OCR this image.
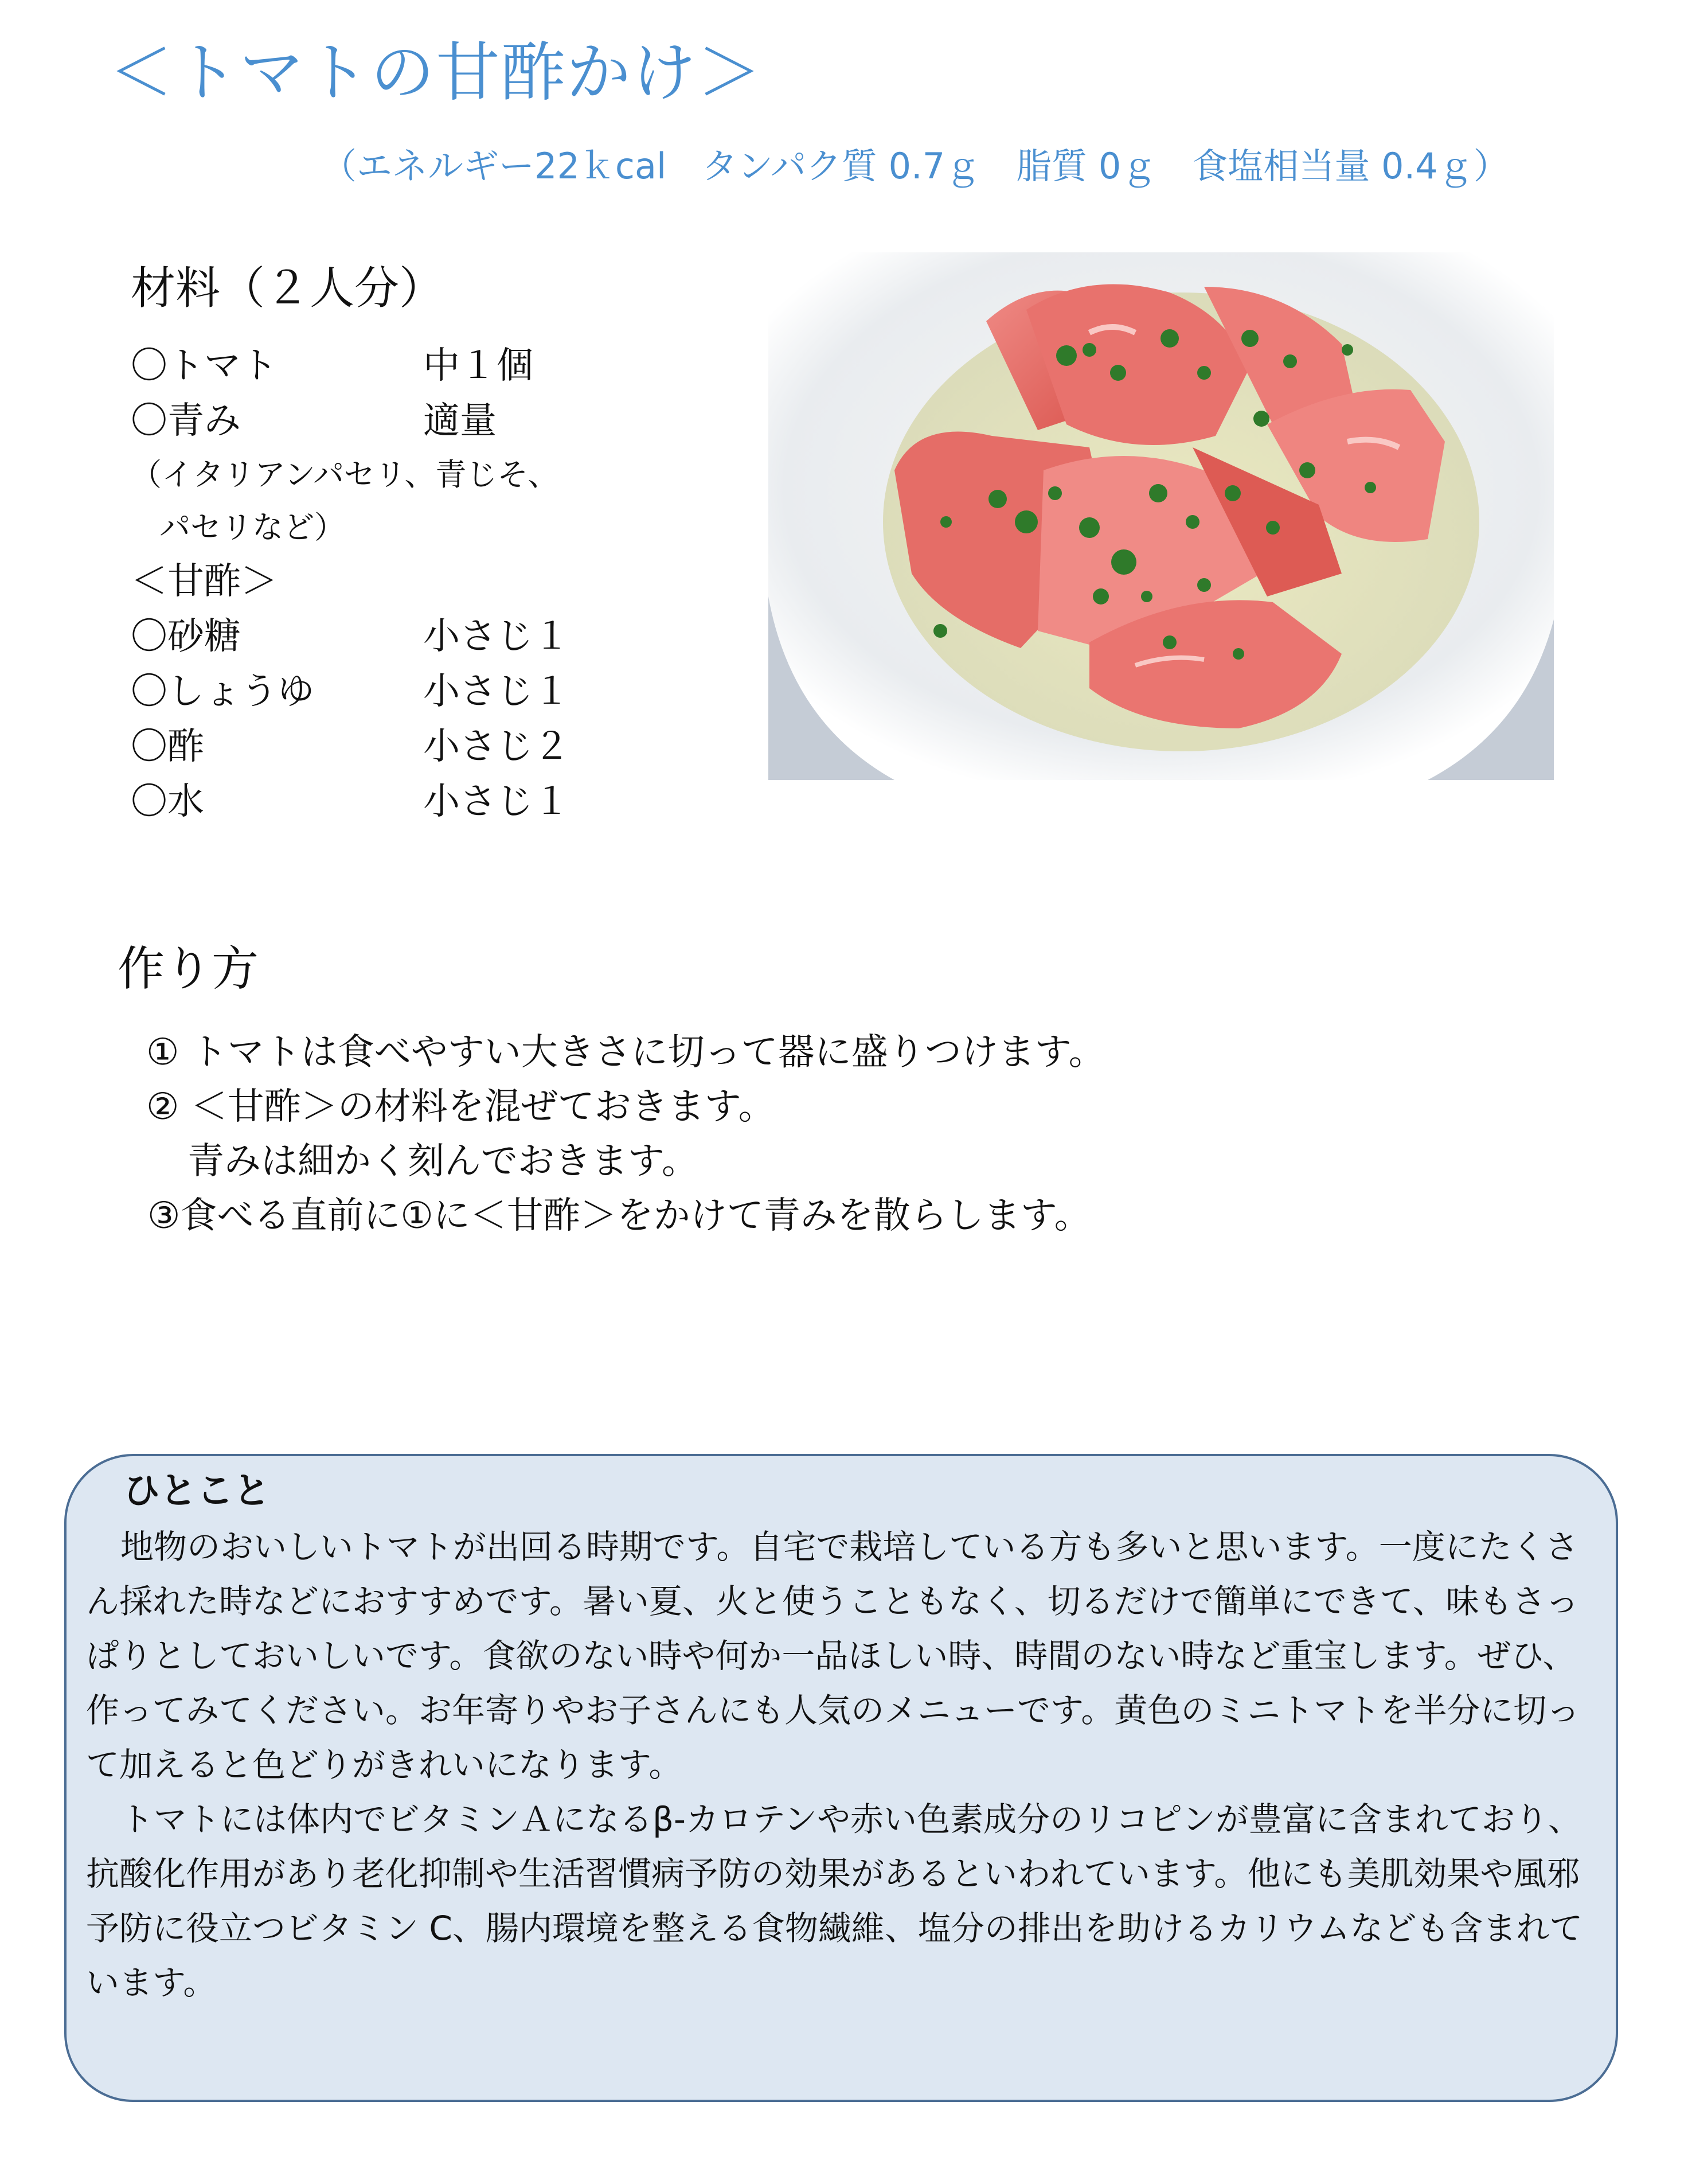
＜トマトの甘酢かけ＞
（エネルギー22ｋcal　タンパク質 0.7ｇ　脂質 0ｇ　食塩相当量 0.4ｇ）
材料（２人分）
〇トマト	中１個
〇青み	適量
（イタリアンパセリ、青じそ、
パセリなど）
＜甘酢＞
〇砂糖	小さじ１
〇しょうゆ	小さじ１
〇酢	小さじ２
〇水	小さじ１
作り方
① トマトは食べやすい大きさに切って器に盛りつけます。
② ＜甘酢＞の材料を混ぜておきます。
青みは細かく刻んでおきます。
③食べる直前に①に＜甘酢＞をかけて青みを散らします。
ひとこと

地物のおいしいトマトが出回る時期です。自宅で栽培している方も多いと思います。一度にたくさん採れた時などにおすすめです。暑い夏、火と使うこともなく、切るだけで簡単にできて、味もさっぱりとしておいしいです。食欲のない時や何か一品ほしい時、時間のない時など重宝します。ぜひ、作ってみてください。お年寄りやお子さんにも人気のメニューです。黄色のミニトマトを半分に切って加えると色どりがきれいになります。

トマトには体内でビタミンＡになるβ-カロテンや赤い色素成分のリコピンが豊富に含まれており、抗酸化作用があり老化抑制や生活習慣病予防の効果があるといわれています。他にも美肌効果や風邪予防に役立つビタミン C、腸内環境を整える食物繊維、塩分の排出を助けるカリウムなども含まれています。
